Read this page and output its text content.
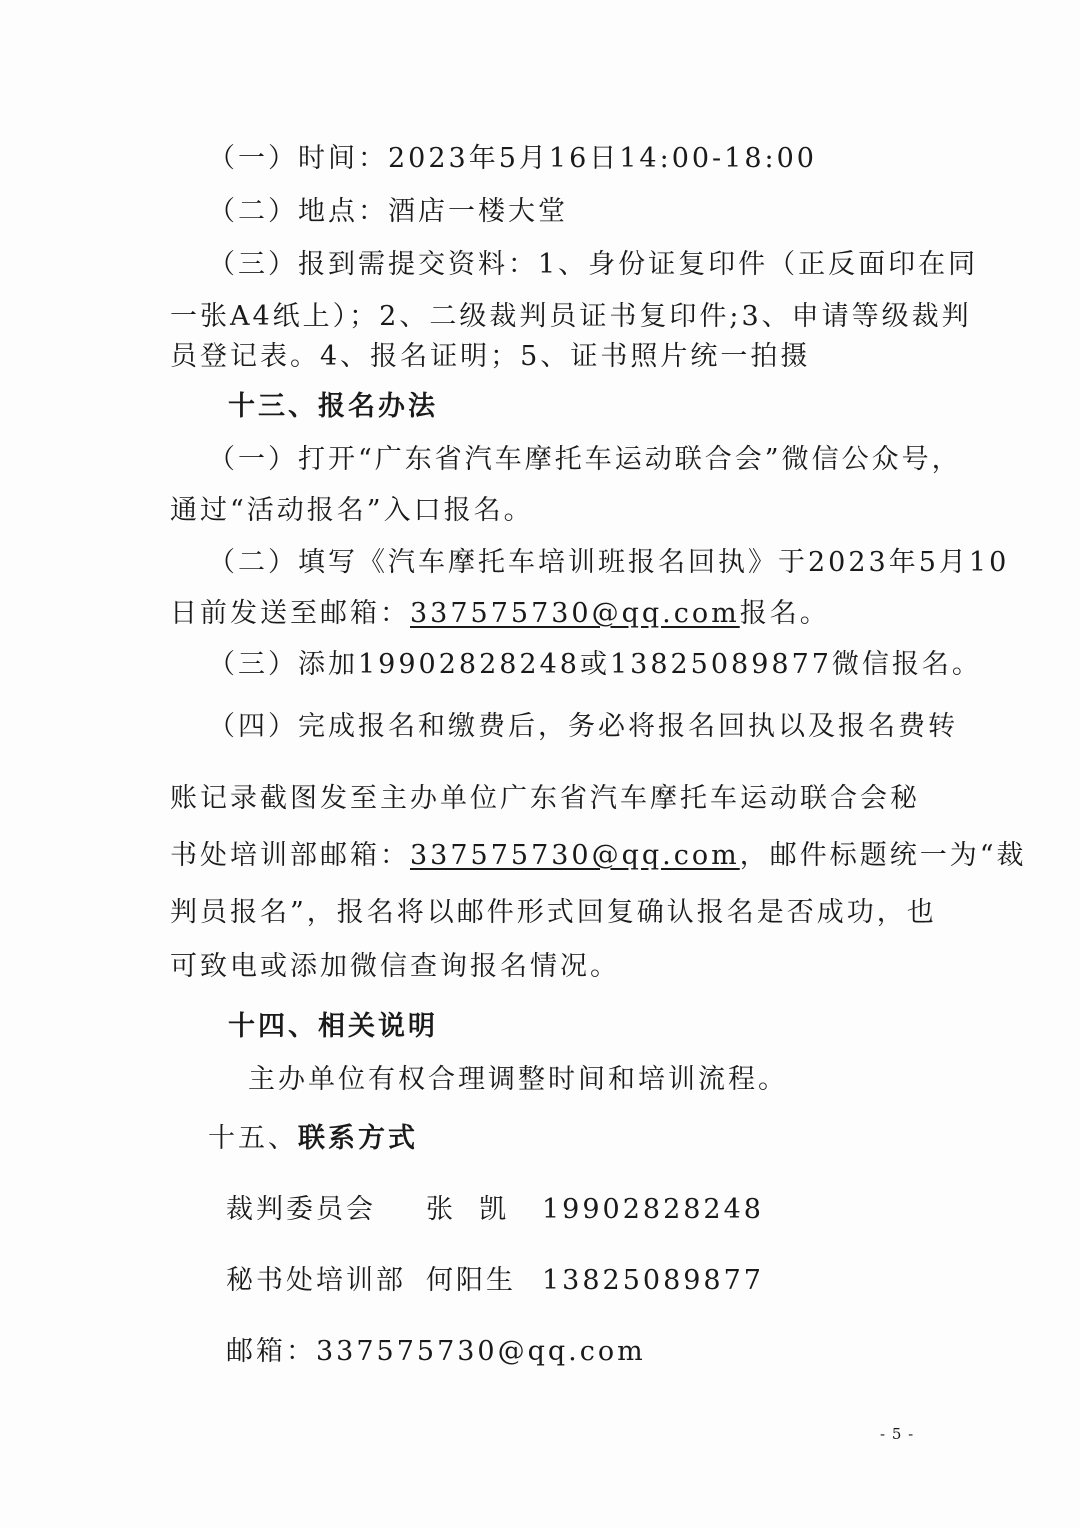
（一）时间：2023年5月16日14:00-18:00
（二）地点：酒店一楼大堂
（三）报到需提交资料：1、身份证复印件（正反面印在同
一张A4纸上）；2、二级裁判员证书复印件;3、申请等级裁判
员登记表。4、报名证明；5、证书照片统一拍摄
十三、报名办法
（一）打开“广东省汽车摩托车运动联合会”微信公众号，
通过“活动报名”入口报名。
（二）填写《汽车摩托车培训班报名回执》于2023年5月10
日前发送至邮箱：337575730@qq.com报名。
（三）添加19902828248或13825089877微信报名。
（四）完成报名和缴费后，务必将报名回执以及报名费转
账记录截图发至主办单位广东省汽车摩托车运动联合会秘
书处培训部邮箱：337575730@qq.com，邮件标题统一为“裁
判员报名”，报名将以邮件形式回复确认报名是否成功，也
可致电或添加微信查询报名情况。
十四、相关说明
主办单位有权合理调整时间和培训流程。
十五、联系方式
裁判委员会 张  凯 19902828248
秘书处培训部 何阳生 13825089877
邮箱：337575730@qq.com
- 5 -
